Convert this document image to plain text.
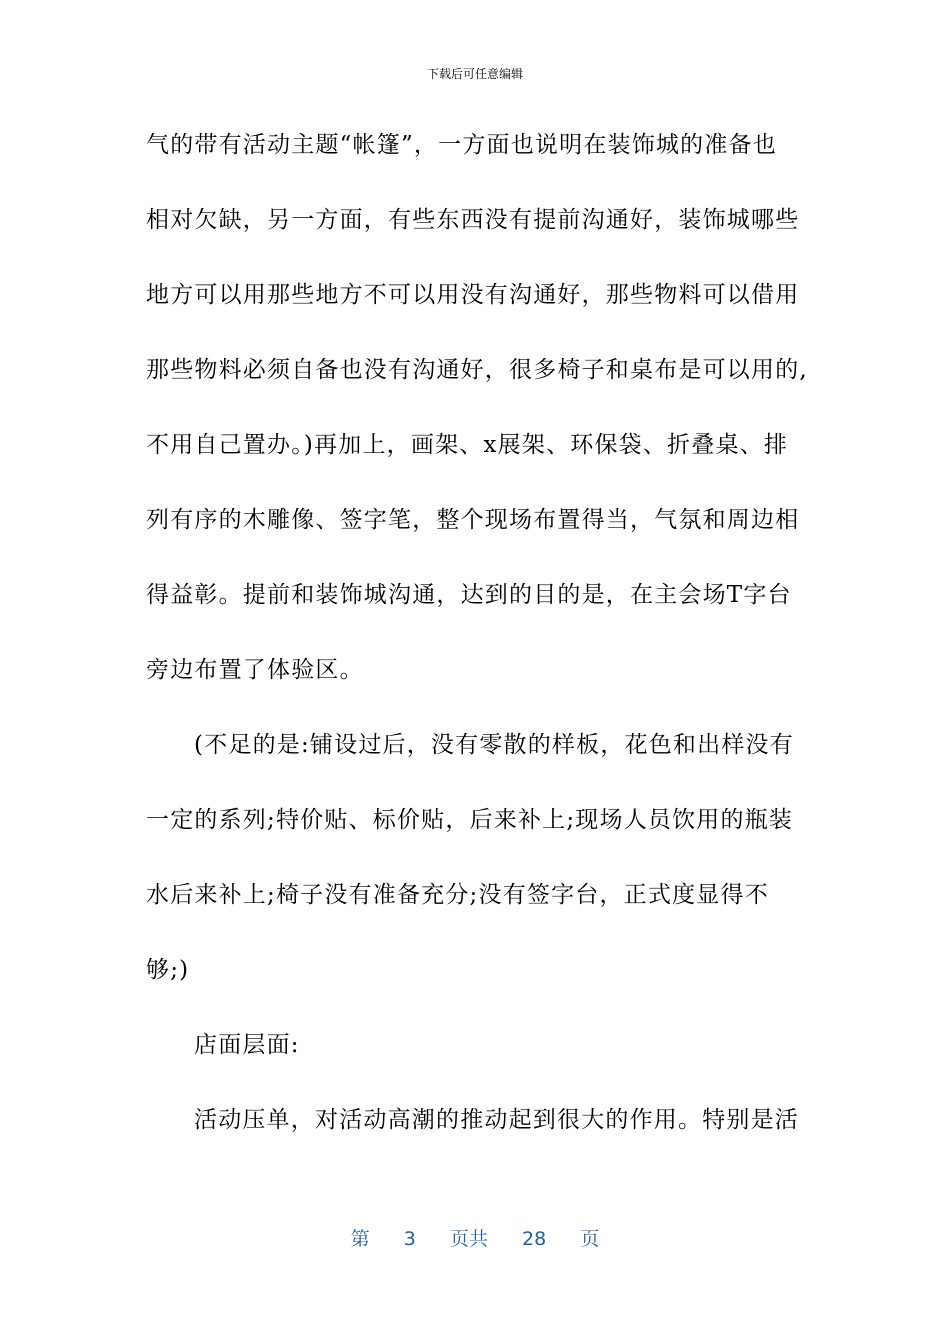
下载后可任意编辑
气的带有活动主题“帐篷”，一方面也说明在装饰城的准备也
相对欠缺，另一方面，有些东西没有提前沟通好，装饰城哪些
地方可以用那些地方不可以用没有沟通好，那些物料可以借用
那些物料必须自备也没有沟通好，很多椅子和桌布是可以用的,
不用自己置办。)再加上，画架、x展架、环保袋、折叠桌、排
列有序的木雕像、签字笔，整个现场布置得当，气氛和周边相
得益彰。提前和装饰城沟通，达到的目的是，在主会场T字台
旁边布置了体验区。
(不足的是:铺设过后，没有零散的样板，花色和出样没有
一定的系列;特价贴、标价贴，后来补上;现场人员饮用的瓶装
水后来补上;椅子没有准备充分;没有签字台，正式度显得不
够;)
店面层面:
活动压单，对活动高潮的推动起到很大的作用。特别是活
第 3 页共 28 页
